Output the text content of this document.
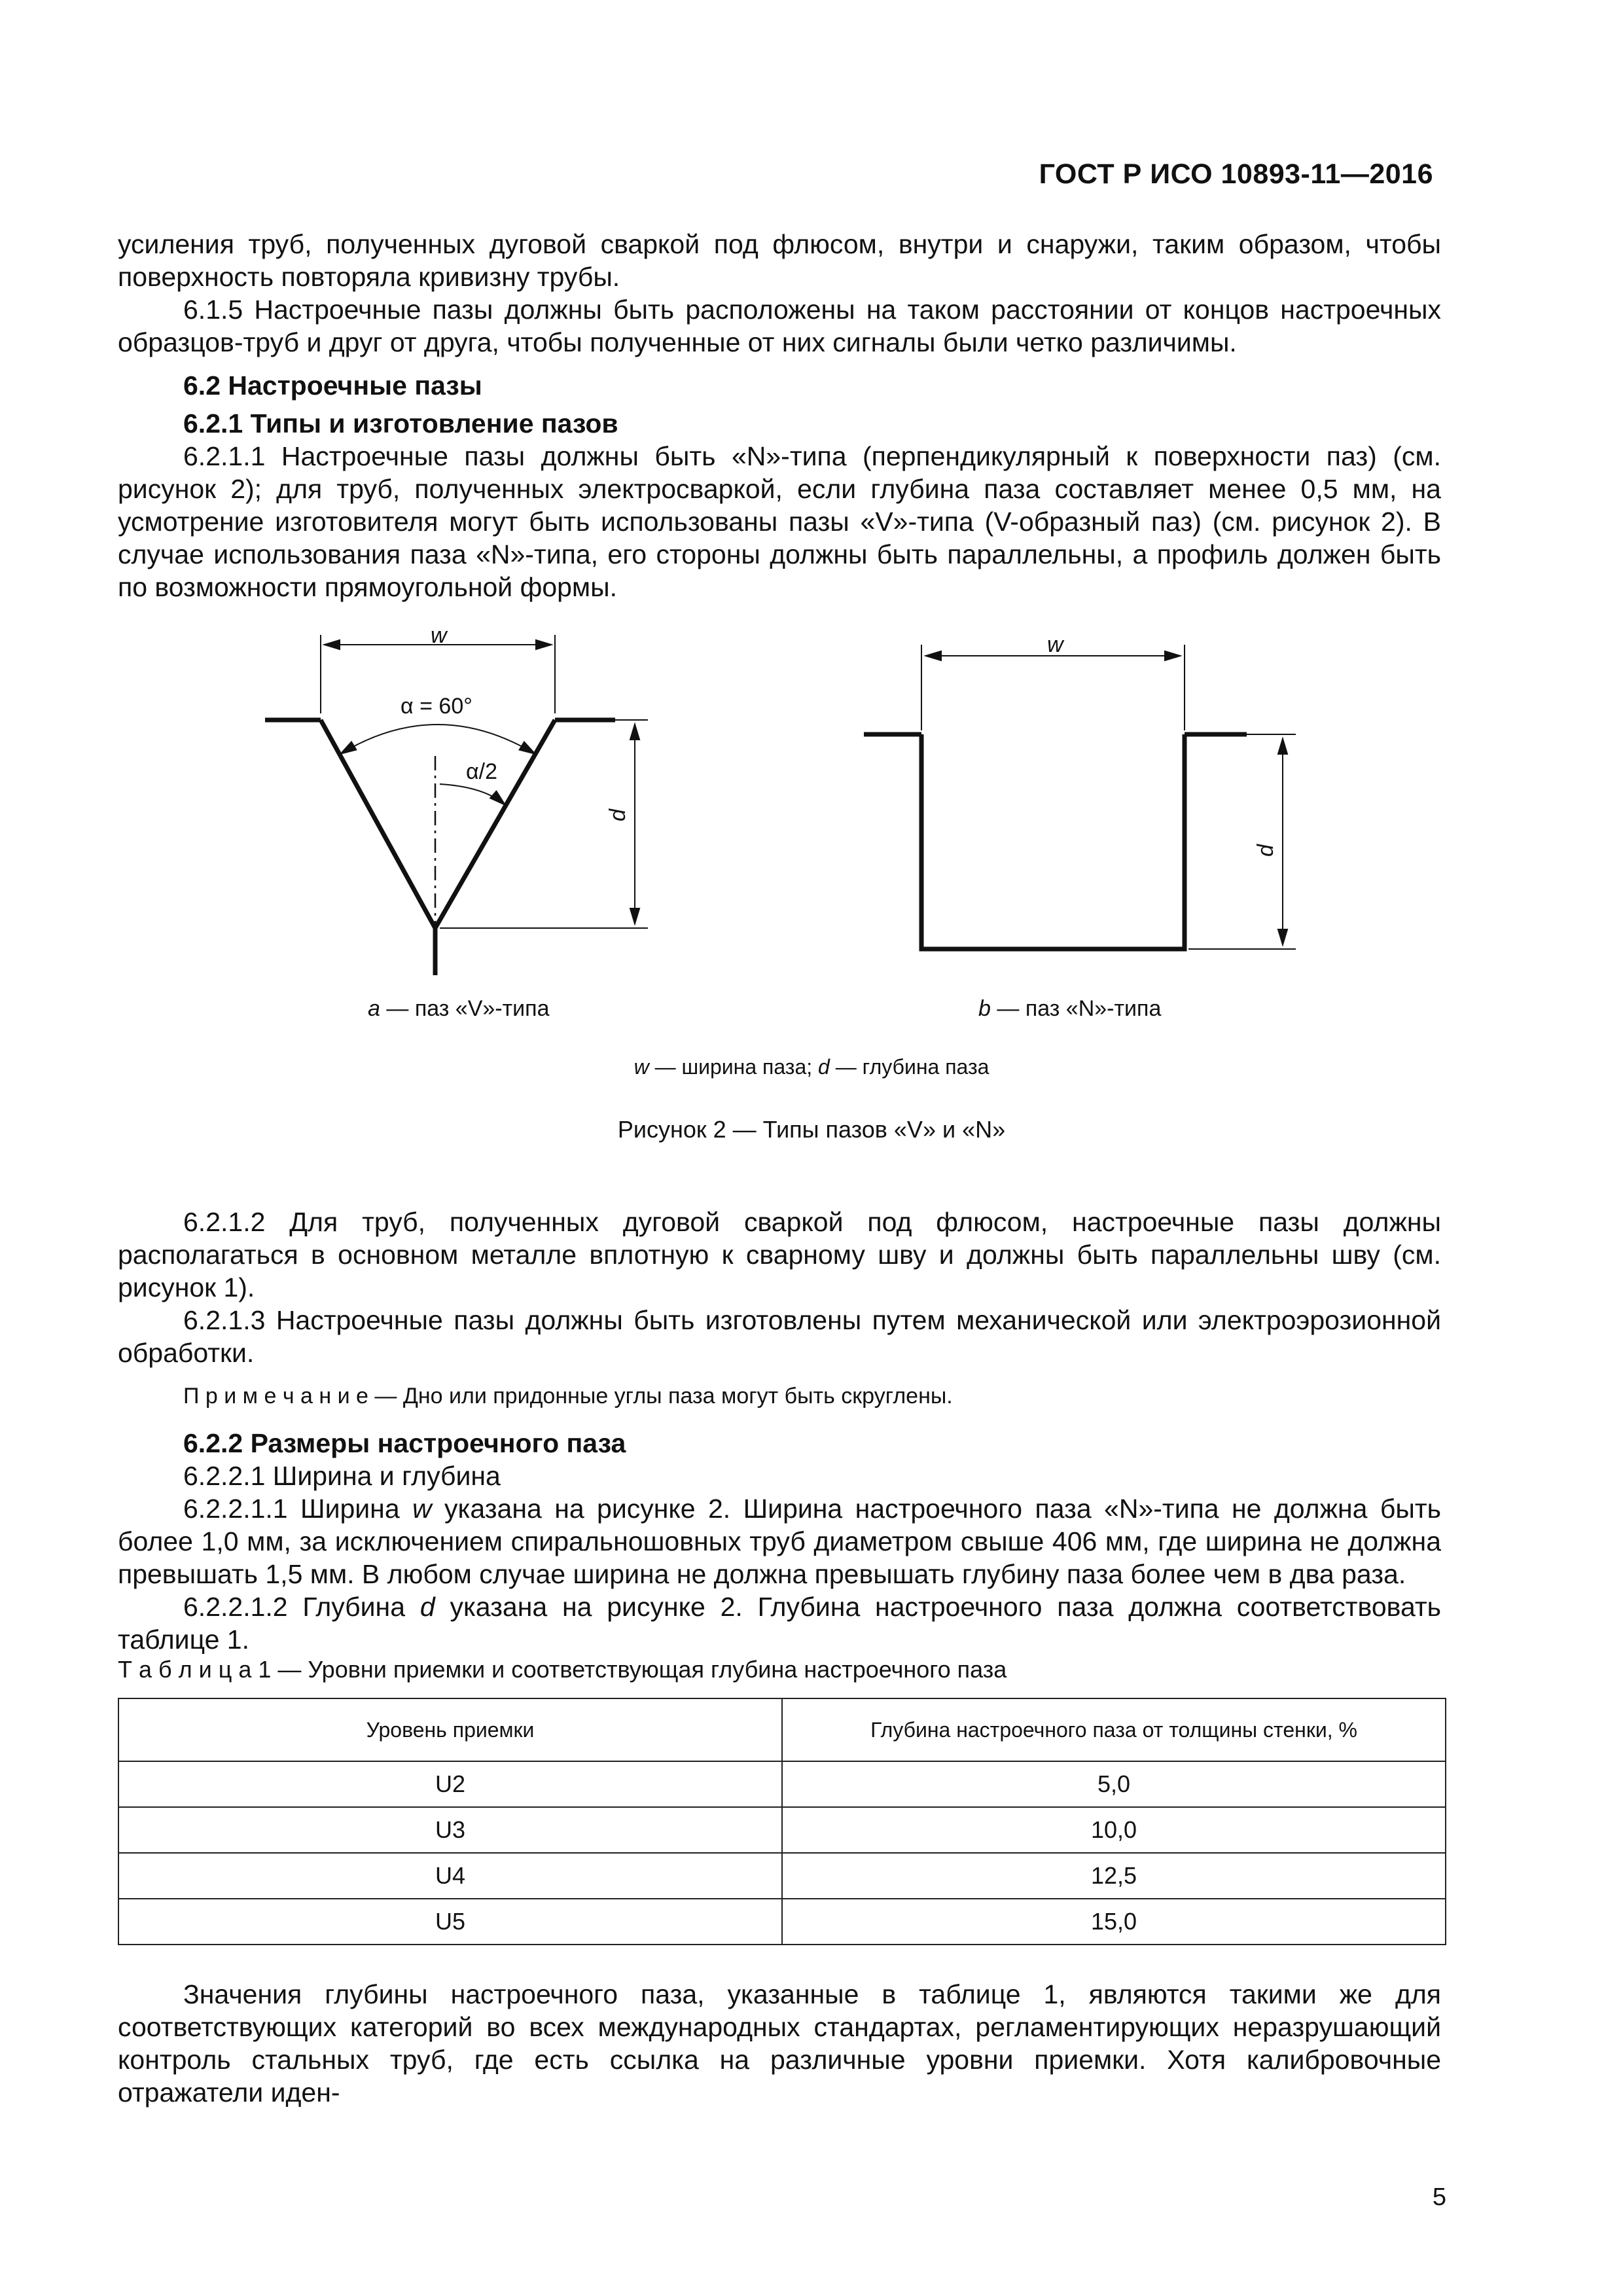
ГОСТ Р ИСО 10893-11—2016

усиления труб, полученных дуговой сваркой под флюсом, внутри и снаружи, таким образом, чтобы поверхность повторяла кривизну трубы.

6.1.5 Настроечные пазы должны быть расположены на таком расстоянии от концов настроечных образцов-труб и друг от друга, чтобы полученные от них сигналы были четко различимы.

6.2 Настроечные пазы

6.2.1 Типы и изготовление пазов

6.2.1.1 Настроечные пазы должны быть «N»-типа (перпендикулярный к поверхности паз) (см. рисунок 2); для труб, полученных электросваркой, если глубина паза составляет менее 0,5 мм, на усмотрение изготовителя могут быть использованы пазы «V»-типа (V-образный паз) (см. рисунок 2). В случае использования паза «N»-типа, его стороны должны быть параллельны, а профиль должен быть по возможности прямоугольной формы.

w
α = 60°
α/2
d
w
d
a — паз «V»-типа	b — паз «N»-типа
w — ширина паза; d — глубина паза
Рисунок 2 — Типы пазов «V» и «N»

6.2.1.2 Для труб, полученных дуговой сваркой под флюсом, настроечные пазы должны располагаться в основном металле вплотную к сварному шву и должны быть параллельны шву (см. рисунок 1).

6.2.1.3 Настроечные пазы должны быть изготовлены путем механической или электроэрозионной обработки.

П р и м е ч а н и е — Дно или придонные углы паза могут быть скруглены.

6.2.2 Размеры настроечного паза

6.2.2.1 Ширина и глубина

6.2.2.1.1 Ширина w указана на рисунке 2. Ширина настроечного паза «N»-типа не должна быть более 1,0 мм, за исключением спиральношовных труб диаметром свыше 406 мм, где ширина не должна превышать 1,5 мм. В любом случае ширина не должна превышать глубину паза более чем в два раза.

6.2.2.1.2 Глубина d указана на рисунке 2. Глубина настроечного паза должна соответствовать таблице 1.

Т а б л и ц а 1 — Уровни приемки и соответствующая глубина настроечного паза
Уровень приемки	Глубина настроечного паза от толщины стенки, %
U2	5,0
U3	10,0
U4	12,5
U5	15,0

Значения глубины настроечного паза, указанные в таблице 1, являются такими же для соответствующих категорий во всех международных стандартах, регламентирующих неразрушающий контроль стальных труб, где есть ссылка на различные уровни приемки. Хотя калибровочные отражатели иден-

5
